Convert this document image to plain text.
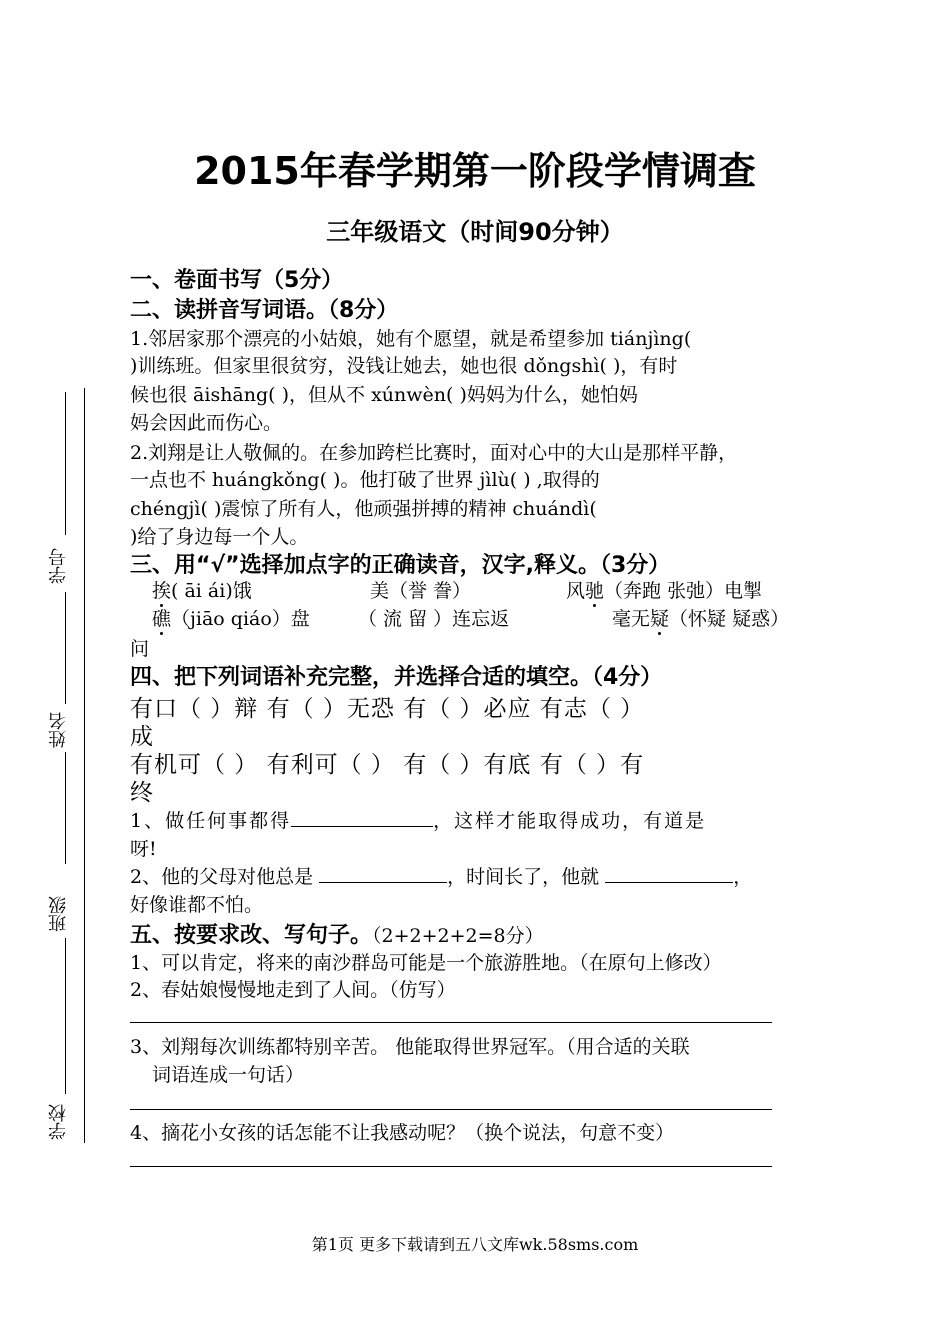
学号
姓名
班级
学校
2015年春学期第一阶段学情调查
三年级语文（时间90分钟）
一、卷面书写（5分）
二、读拼音写词语。（8分）
1.邻居家那个漂亮的小姑娘，她有个愿望，就是希望参加 tiánjìng(
)训练班。但家里很贫穷，没钱让她去，她也很 dǒngshì( )，有时
候也很 āishāng( )，但从不 xúnwèn( )妈妈为什么，她怕妈
妈会因此而伤心。
2.刘翔是让人敬佩的。在参加跨栏比赛时，面对心中的大山是那样平静，
一点也不 huángkǒng( )。他打破了世界 jìlù( ) ,取得的
chéngjì( )震惊了所有人，他顽强拼搏的精神 chuándì(
)给了身边每一个人。
三、用“√”选择加点字的正确读音，汉字,释义。（3分）
挨( āi ái)饿	美（誉 誊）	风驰（奔跑 张弛）电掣
礁（jiāo qiáo）盘	（ 流 留 ）连忘返	毫无疑（怀疑 疑惑）
问
四、把下列词语补充完整，并选择合适的填空。（4分）
有口（ ）辩 有（ ）无恐 有（ ）必应 有志（ ）
成
有机可（ ） 有利可（ ） 有（ ）有底 有（ ）有
终
1、做任何事都得	，这样才能取得成功，有道是
呀!
2、他的父母对他总是	，时间长了，他就	，
好像谁都不怕。
五、按要求改、写句子。（2+2+2+2=8分）
1、可以肯定，将来的南沙群岛可能是一个旅游胜地。（在原句上修改）
2、春姑娘慢慢地走到了人间。（仿写）
3、刘翔每次训练都特别辛苦。 他能取得世界冠军。（用合适的关联
词语连成一句话）
4、摘花小女孩的话怎能不让我感动呢？（换个说法，句意不变）
第1页 更多下载请到五八文库wk.58sms.com
